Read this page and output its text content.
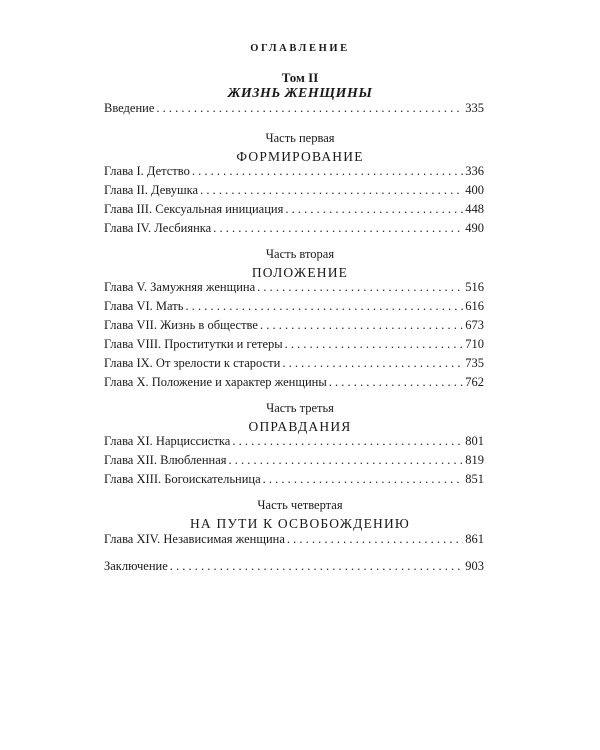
ОГЛАВЛЕНИЕ
Том II
ЖИЗНЬ ЖЕНЩИНЫ
Введение . . .	335
Часть первая
ФОРМИРОВАНИЕ
Глава I. Детство . . .	336
Глава II. Девушка . . .	400
Глава III. Сексуальная инициация . . .	448
Глава IV. Лесбиянка . . .	490
Часть вторая
ПОЛОЖЕНИЕ
Глава V. Замужняя женщина . . .	516
Глава VI. Мать . . .	616
Глава VII. Жизнь в обществе . . .	673
Глава VIII. Проститутки и гетеры . . .	710
Глава IX. От зрелости к старости . . .	735
Глава X. Положение и характер женщины . . .	762
Часть третья
ОПРАВДАНИЯ
Глава XI. Нарциссистка . . .	801
Глава XII. Влюбленная . . .	819
Глава XIII. Богоискательница . . .	851
Часть четвертая
НА ПУТИ К ОСВОБОЖДЕНИЮ
Глава XIV. Независимая женщина . . .	861
Заключение . . .	903
